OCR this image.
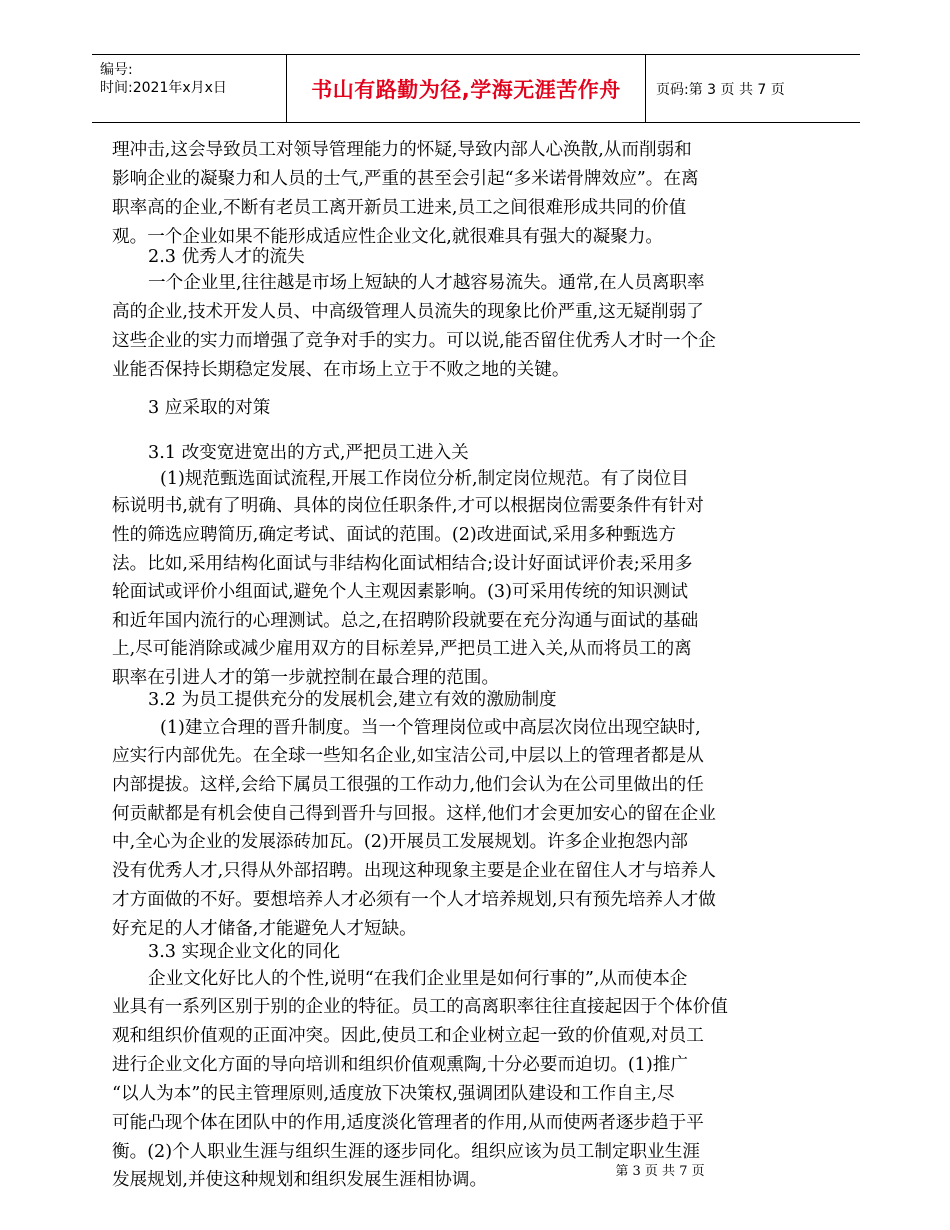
编号:
时间:2021年x月x日	书山有路勤为径,学海无涯苦作舟	页码:第 3 页 共 7 页
理冲击,这会导致员工对领导管理能力的怀疑,导致内部人心涣散,从而削弱和
影响企业的凝聚力和人员的士气,严重的甚至会引起“多米诺骨牌效应”。在离
职率高的企业,不断有老员工离开新员工进来,员工之间很难形成共同的价值
观。一个企业如果不能形成适应性企业文化,就很难具有强大的凝聚力。
2.3 优秀人才的流失
一个企业里,往往越是市场上短缺的人才越容易流失。通常,在人员离职率
高的企业,技术开发人员、中高级管理人员流失的现象比价严重,这无疑削弱了
这些企业的实力而增强了竞争对手的实力。可以说,能否留住优秀人才时一个企
业能否保持长期稳定发展、在市场上立于不败之地的关键。
3 应采取的对策
3.1 改变宽进宽出的方式,严把员工进入关
(1)规范甄选面试流程,开展工作岗位分析,制定岗位规范。有了岗位目
标说明书,就有了明确、具体的岗位任职条件,才可以根据岗位需要条件有针对
性的筛选应聘简历,确定考试、面试的范围。(2)改进面试,采用多种甄选方
法。比如,采用结构化面试与非结构化面试相结合;设计好面试评价表;采用多
轮面试或评价小组面试,避免个人主观因素影响。(3)可采用传统的知识测试
和近年国内流行的心理测试。总之,在招聘阶段就要在充分沟通与面试的基础
上,尽可能消除或减少雇用双方的目标差异,严把员工进入关,从而将员工的离
职率在引进人才的第一步就控制在最合理的范围。
3.2 为员工提供充分的发展机会,建立有效的激励制度
(1)建立合理的晋升制度。当一个管理岗位或中高层次岗位出现空缺时,
应实行内部优先。在全球一些知名企业,如宝洁公司,中层以上的管理者都是从
内部提拔。这样,会给下属员工很强的工作动力,他们会认为在公司里做出的任
何贡献都是有机会使自己得到晋升与回报。这样,他们才会更加安心的留在企业
中,全心为企业的发展添砖加瓦。(2)开展员工发展规划。许多企业抱怨内部
没有优秀人才,只得从外部招聘。出现这种现象主要是企业在留住人才与培养人
才方面做的不好。要想培养人才必须有一个人才培养规划,只有预先培养人才做
好充足的人才储备,才能避免人才短缺。
3.3 实现企业文化的同化
企业文化好比人的个性,说明“在我们企业里是如何行事的”,从而使本企
业具有一系列区别于别的企业的特征。员工的高离职率往往直接起因于个体价值
观和组织价值观的正面冲突。因此,使员工和企业树立起一致的价值观,对员工
进行企业文化方面的导向培训和组织价值观熏陶,十分必要而迫切。(1)推广
“以人为本”的民主管理原则,适度放下决策权,强调团队建设和工作自主,尽
可能凸现个体在团队中的作用,适度淡化管理者的作用,从而使两者逐步趋于平
衡。(2)个人职业生涯与组织生涯的逐步同化。组织应该为员工制定职业生涯
发展规划,并使这种规划和组织发展生涯相协调。	第 3 页 共 7 页
